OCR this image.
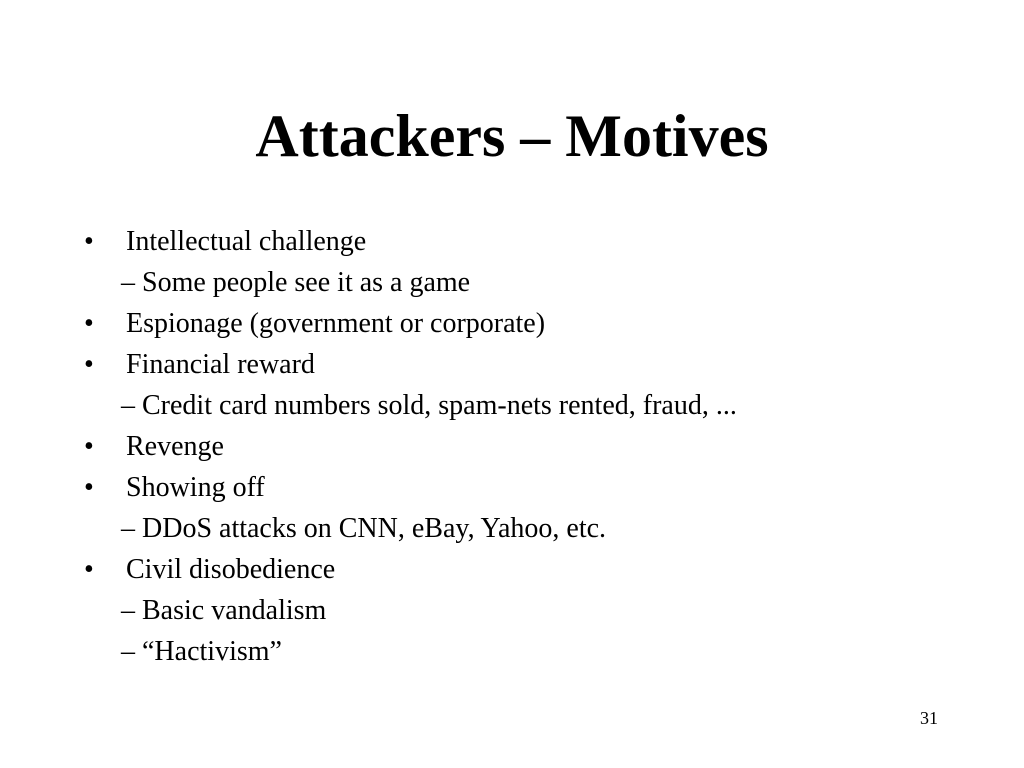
Attackers – Motives
•	Intellectual challenge
– Some people see it as a game
•	Espionage (government or corporate)
•	Financial reward
– Credit card numbers sold, spam-nets rented, fraud, ...
•	Revenge
•	Showing off
– DDoS attacks on CNN, eBay, Yahoo, etc.
•	Civil disobedience
– Basic vandalism
– “Hactivism”
31
